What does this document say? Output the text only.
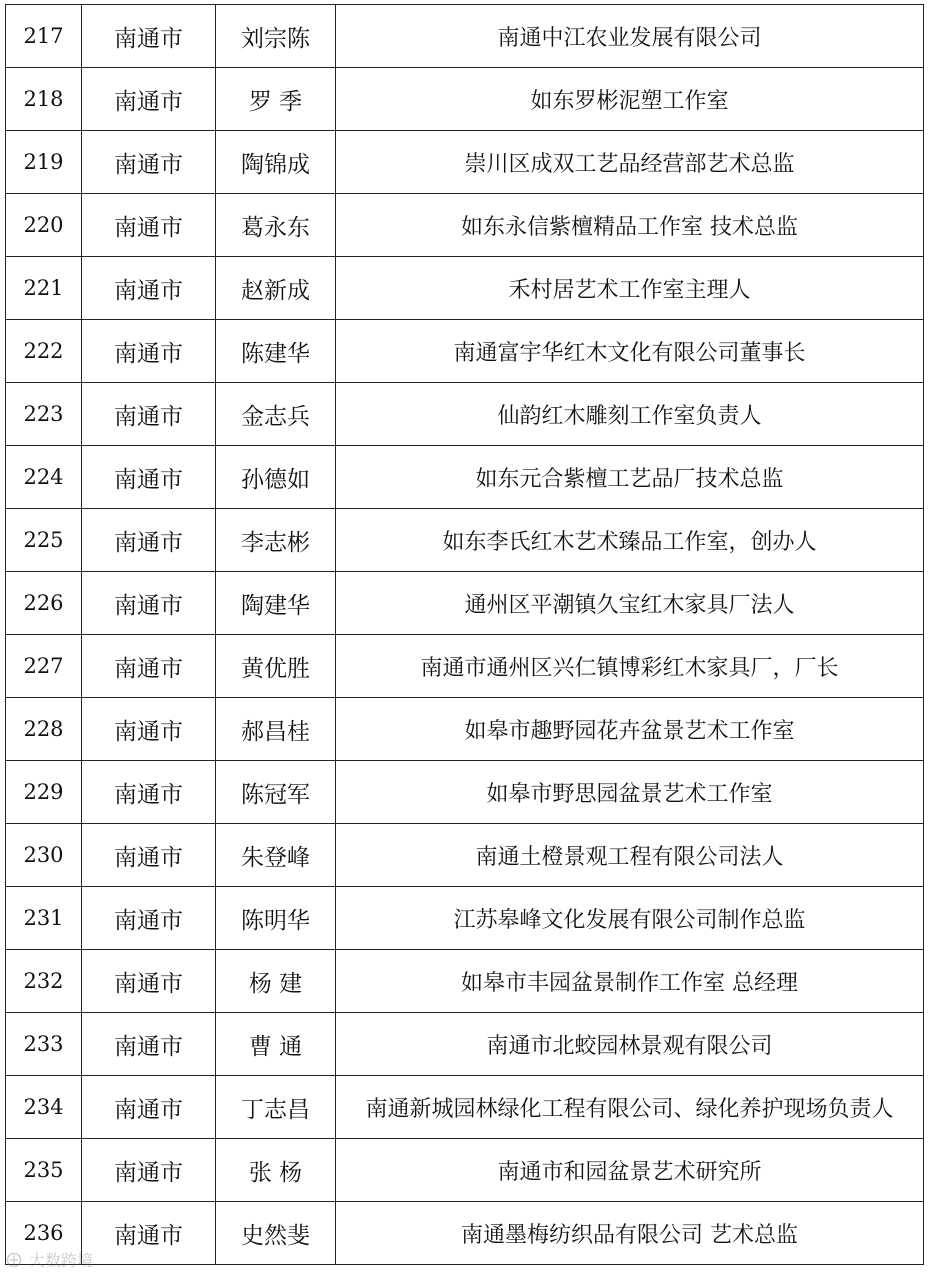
217	南通市	刘宗陈	南通中江农业发展有限公司
218	南通市	罗 季	如东罗彬泥塑工作室
219	南通市	陶锦成	崇川区成双工艺品经营部艺术总监
220	南通市	葛永东	如东永信紫檀精品工作室 技术总监
221	南通市	赵新成	禾村居艺术工作室主理人
222	南通市	陈建华	南通富宇华红木文化有限公司董事长
223	南通市	金志兵	仙韵红木雕刻工作室负责人
224	南通市	孙德如	如东元合紫檀工艺品厂技术总监
225	南通市	李志彬	如东李氏红木艺术臻品工作室，创办人
226	南通市	陶建华	通州区平潮镇久宝红木家具厂法人
227	南通市	黄优胜	南通市通州区兴仁镇博彩红木家具厂，厂长
228	南通市	郝昌桂	如皋市趣野园花卉盆景艺术工作室
229	南通市	陈冠军	如皋市野思园盆景艺术工作室
230	南通市	朱登峰	南通土橙景观工程有限公司法人
231	南通市	陈明华	江苏皋峰文化发展有限公司制作总监
232	南通市	杨 建	如皋市丰园盆景制作工作室 总经理
233	南通市	曹 通	南通市北蛟园林景观有限公司
234	南通市	丁志昌	南通新城园林绿化工程有限公司、绿化养护现场负责人
235	南通市	张 杨	南通市和园盆景艺术研究所
236	南通市	史然斐	南通墨梅纺织品有限公司 艺术总监
大数跨境
